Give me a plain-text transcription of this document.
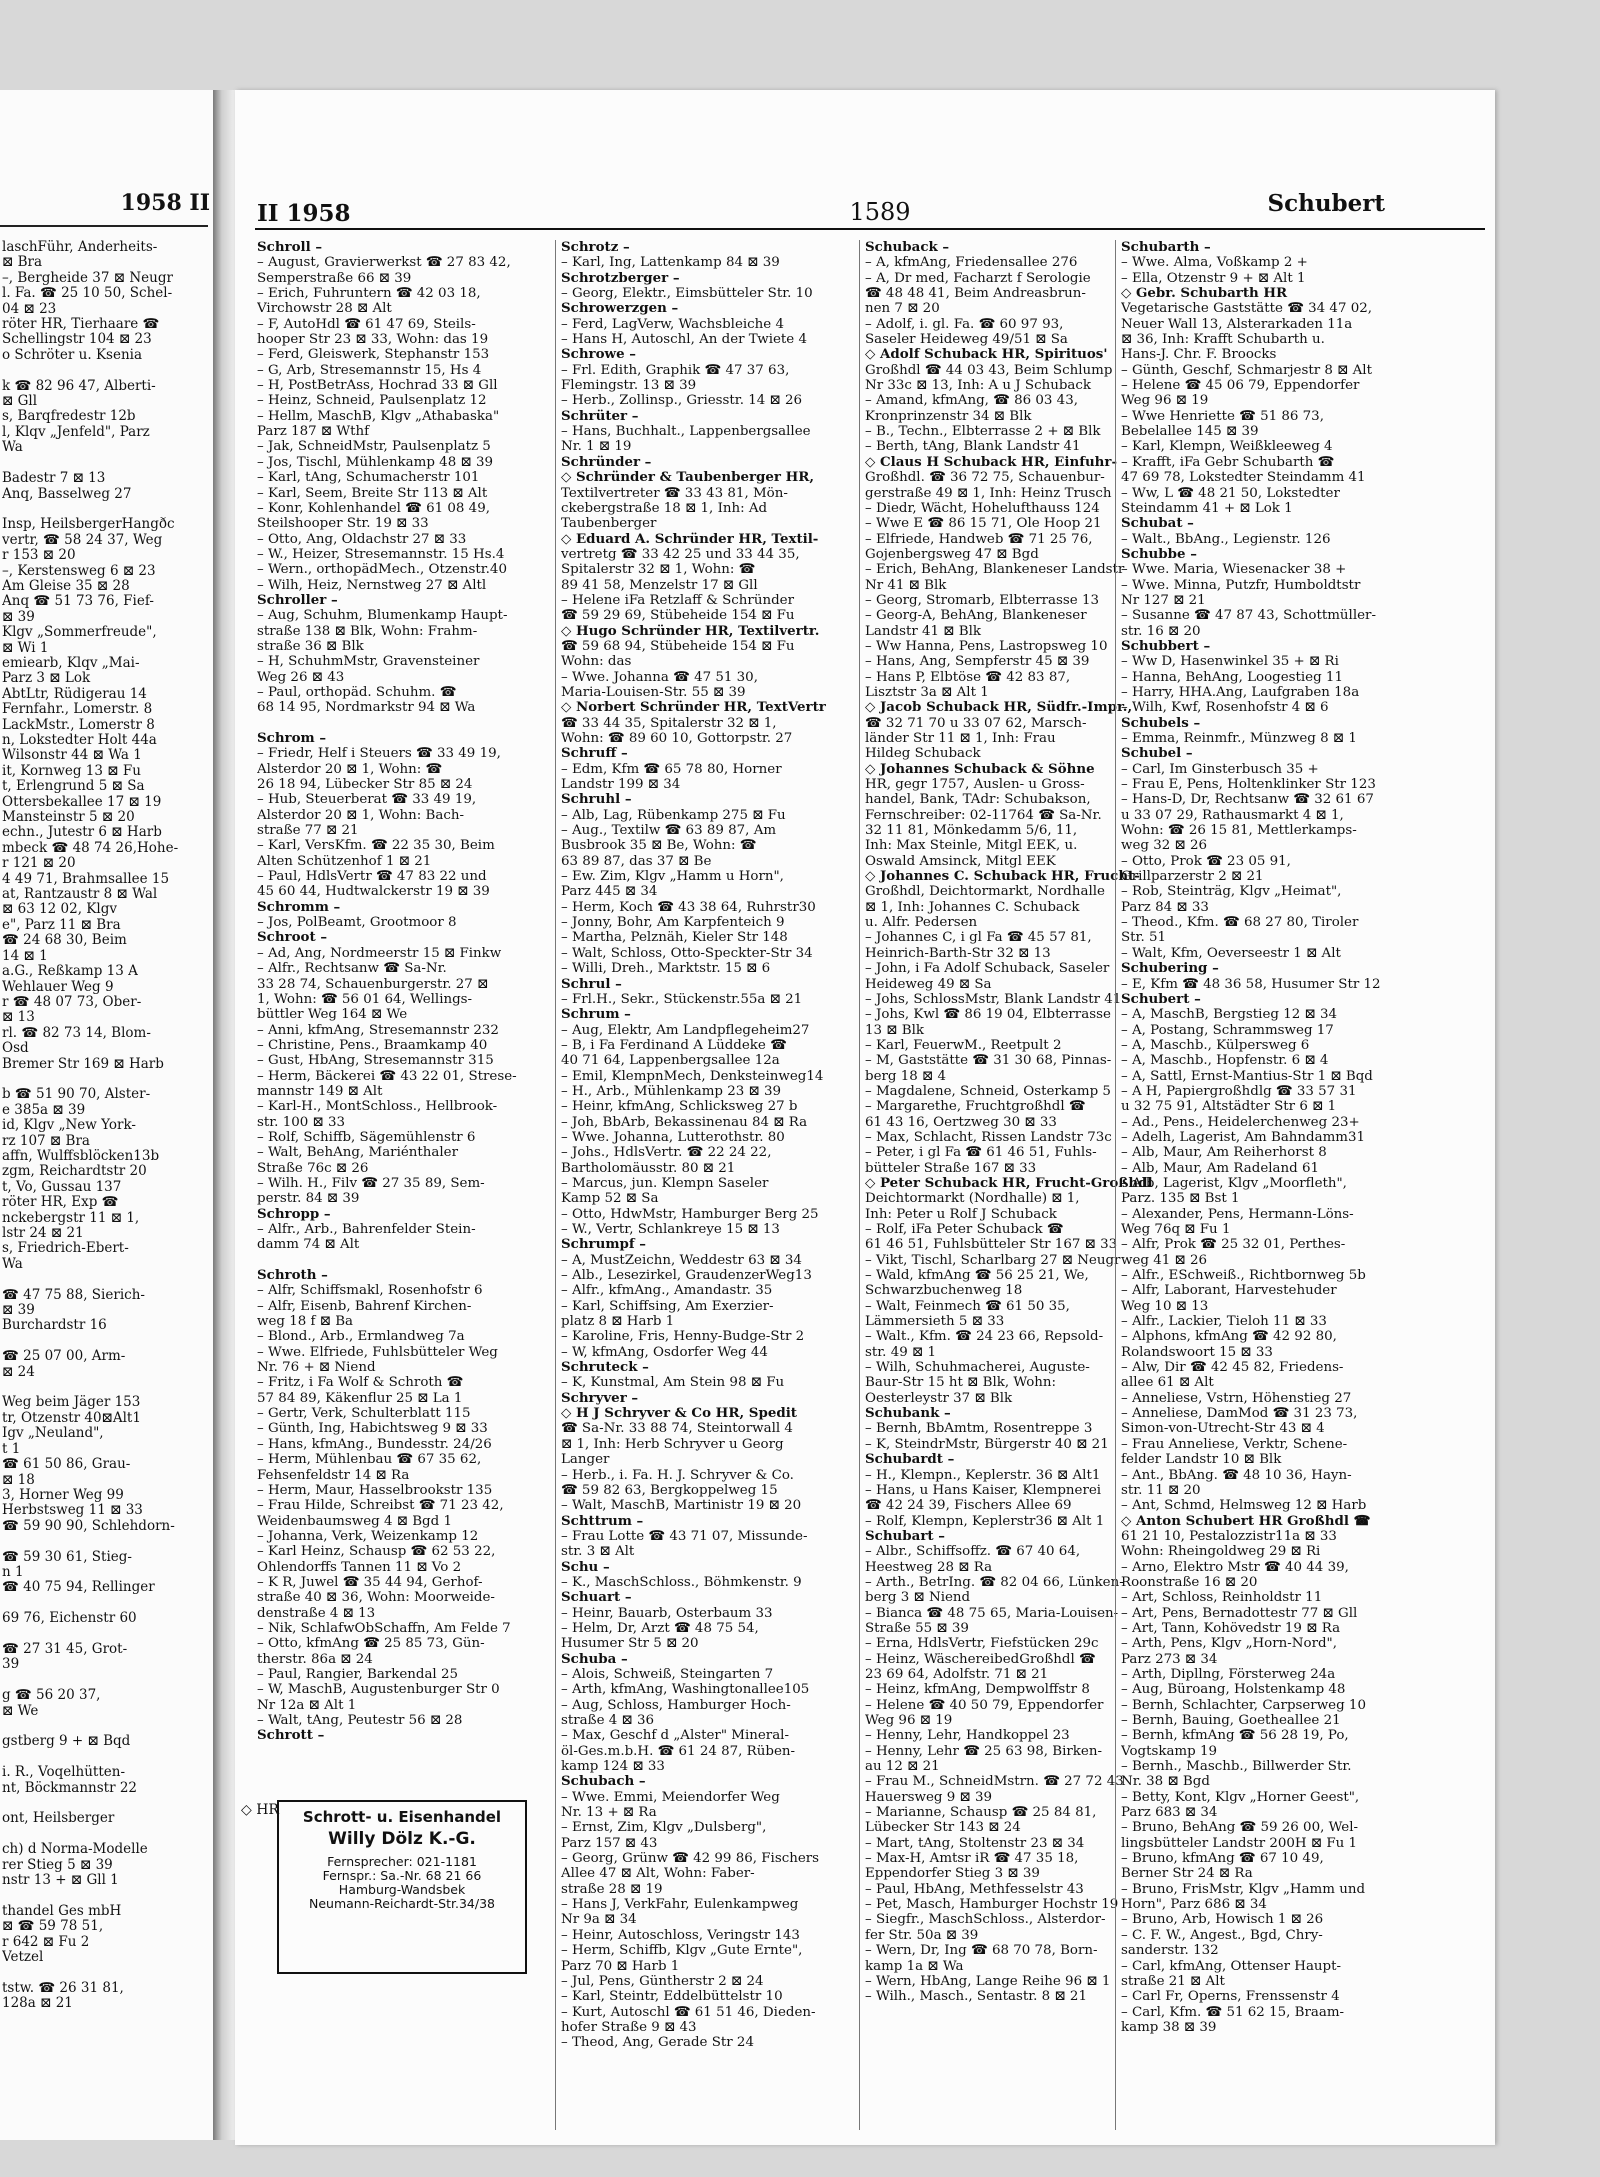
1958 II
laschFühr, Anderheits-
⊠ Bra
–, Bergheide 37 ⊠ Neugr
l. Fa. ☎ 25 10 50, Schel-
04 ⊠ 23
röter HR, Tierhaare ☎
Schellingstr 104 ⊠ 23
o Schröter u. Ksenia

k ☎ 82 96 47, Alberti-
⊠ Gll
s, Barqfredestr 12b
l, Klqv „Jenfeld", Parz
Wa

Badestr 7 ⊠ 13
Anq, Basselweg 27

Insp, HeilsbergerHangðc
vertr, ☎ 58 24 37, Weg
r 153 ⊠ 20
–, Kerstensweg 6 ⊠ 23
Am Gleise 35 ⊠ 28
Anq ☎ 51 73 76, Fief-
⊠ 39
Klgv „Sommerfreude",
⊠ Wi 1
emiearb, Klqv „Mai-
Parz 3 ⊠ Lok
AbtLtr, Rüdigerau 14
Fernfahr., Lomerstr. 8
LackMstr., Lomerstr 8
n, Lokstedter Holt 44a
Wilsonstr 44 ⊠ Wa 1
it, Kornweg 13 ⊠ Fu
t, Erlengrund 5 ⊠ Sa
Ottersbekallee 17 ⊠ 19
Mansteinstr 5 ⊠ 20
echn., Jutestr 6 ⊠ Harb
mbeck ☎ 48 74 26,Hohe-
r 121 ⊠ 20
4 49 71, Brahmsallee 15
at, Rantzaustr 8 ⊠ Wal
⊠ 63 12 02, Klgv
e", Parz 11 ⊠ Bra
☎ 24 68 30, Beim
14 ⊠ 1
a.G., Reßkamp 13 A
Wehlauer Weg 9
r ☎ 48 07 73, Ober-
⊠ 13
rl. ☎ 82 73 14, Blom-
Osd
Bremer Str 169 ⊠ Harb

b ☎ 51 90 70, Alster-
e 385a ⊠ 39
id, Klgv „New York-
rz 107 ⊠ Bra
affn, Wulffsblöcken13b
zgm, Reichardtstr 20
t, Vo, Gussau 137
röter HR, Exp ☎
nckebergstr 11 ⊠ 1,
lstr 24 ⊠ 21
s, Friedrich-Ebert-
Wa

☎ 47 75 88, Sierich-
⊠ 39
Burchardstr 16

☎ 25 07 00, Arm-
⊠ 24

Weg beim Jäger 153
tr, Otzenstr 40⊠Alt1
Igv „Neuland",
t 1
☎ 61 50 86, Grau-
⊠ 18
3, Horner Weg 99
Herbstsweg 11 ⊠ 33
☎ 59 90 90, Schlehdorn-

☎ 59 30 61, Stieg-
n 1
☎ 40 75 94, Rellinger

69 76, Eichenstr 60

☎ 27 31 45, Grot-
39

g ☎ 56 20 37,
⊠ We

gstberg 9 + ⊠ Bqd

i. R., Voqelhütten-
nt, Böckmannstr 22

ont, Heilsberger

ch) d Norma-Modelle
rer Stieg 5 ⊠ 39
nstr 13 + ⊠ Gll 1

thandel Ges mbH
⊠ ☎ 59 78 51,
r 642 ⊠ Fu 2
Vetzel

tstw. ☎ 26 31 81,
128a ⊠ 21
II 1958	1589	Schubert
Schroll –
– August, Gravierwerkst ☎ 27 83 42,
Semperstraße 66 ⊠ 39
– Erich, Fuhruntern ☎ 42 03 18,
Virchowstr 28 ⊠ Alt
– F, AutoHdl ☎ 61 47 69, Steils-
hooper Str 23 ⊠ 33, Wohn: das 19
– Ferd, Gleiswerk, Stephanstr 153
– G, Arb, Stresemannstr 15, Hs 4
– H, PostBetrAss, Hochrad 33 ⊠ Gll
– Heinz, Schneid, Paulsenplatz 12
– Hellm, MaschB, Klgv „Athabaska"
Parz 187 ⊠ Wthf
– Jak, SchneidMstr, Paulsenplatz 5
– Jos, Tischl, Mühlenkamp 48 ⊠ 39
– Karl, tAng, Schumacherstr 101
– Karl, Seem, Breite Str 113 ⊠ Alt
– Konr, Kohlenhandel ☎ 61 08 49,
Steilshooper Str. 19 ⊠ 33
– Otto, Ang, Oldachstr 27 ⊠ 33
– W., Heizer, Stresemannstr. 15 Hs.4
– Wern., orthopädMech., Otzenstr.40
– Wilh, Heiz, Nernstweg 27 ⊠ Altl
Schroller –
– Aug, Schuhm, Blumenkamp Haupt-
straße 138 ⊠ Blk, Wohn: Frahm-
straße 36 ⊠ Blk
– H, SchuhmMstr, Gravensteiner
Weg 26 ⊠ 43
– Paul, orthopäd. Schuhm. ☎
68 14 95, Nordmarkstr 94 ⊠ Wa

Schrom –
– Friedr, Helf i Steuers ☎ 33 49 19,
Alsterdor 20 ⊠ 1, Wohn: ☎
26 18 94, Lübecker Str 85 ⊠ 24
– Hub, Steuerberat ☎ 33 49 19,
Alsterdor 20 ⊠ 1, Wohn: Bach-
straße 77 ⊠ 21
– Karl, VersKfm. ☎ 22 35 30, Beim
Alten Schützenhof 1 ⊠ 21
– Paul, HdlsVertr ☎ 47 83 22 und
45 60 44, Hudtwalckerstr 19 ⊠ 39
Schromm –
– Jos, PolBeamt, Grootmoor 8
Schroot –
– Ad, Ang, Nordmeerstr 15 ⊠ Finkw
– Alfr., Rechtsanw ☎ Sa-Nr.
33 28 74, Schauenburgerstr. 27 ⊠
1, Wohn: ☎ 56 01 64, Wellings-
büttler Weg 164 ⊠ We
– Anni, kfmAng, Stresemannstr 232
– Christine, Pens., Braamkamp 40
– Gust, HbAng, Stresemannstr 315
– Herm, Bäckerei ☎ 43 22 01, Strese-
mannstr 149 ⊠ Alt
– Karl-H., MontSchloss., Hellbrook-
str. 100 ⊠ 33
– Rolf, Schiffb, Sägemühlenstr 6
– Walt, BehAng, Mariénthaler
Straße 76c ⊠ 26
– Wilh. H., Filv ☎ 27 35 89, Sem-
perstr. 84 ⊠ 39
Schropp –
– Alfr., Arb., Bahrenfelder Stein-
damm 74 ⊠ Alt

Schroth –
– Alfr, Schiffsmakl, Rosenhofstr 6
– Alfr, Eisenb, Bahrenf Kirchen-
weg 18 f ⊠ Ba
– Blond., Arb., Ermlandweg 7a
– Wwe. Elfriede, Fuhlsbütteler Weg
Nr. 76 + ⊠ Niend
– Fritz, i Fa Wolf & Schroth ☎
57 84 89, Käkenflur 25 ⊠ La 1
– Gertr, Verk, Schulterblatt 115
– Günth, Ing, Habichtsweg 9 ⊠ 33
– Hans, kfmAng., Bundesstr. 24/26
– Herm, Mühlenbau ☎ 67 35 62,
Fehsenfeldstr 14 ⊠ Ra
– Herm, Maur, Hasselbrookstr 135
– Frau Hilde, Schreibst ☎ 71 23 42,
Weidenbaumsweg 4 ⊠ Bgd 1
– Johanna, Verk, Weizenkamp 12
– Karl Heinz, Schausp ☎ 62 53 22,
Ohlendorffs Tannen 11 ⊠ Vo 2
– K R, Juwel ☎ 35 44 94, Gerhof-
straße 40 ⊠ 36, Wohn: Moorweide-
denstraße 4 ⊠ 13
– Nik, SchlafwObSchaffn, Am Felde 7
– Otto, kfmAng ☎ 25 85 73, Gün-
therstr. 86a ⊠ 24
– Paul, Rangier, Barkendal 25
– W, MaschB, Augustenburger Str 0
Nr 12a ⊠ Alt 1
– Walt, tAng, Peutestr 56 ⊠ 28
Schrott –
Schrotz –
– Karl, Ing, Lattenkamp 84 ⊠ 39
Schrotzberger –
– Georg, Elektr., Eimsbütteler Str. 10
Schrowerzgen –
– Ferd, LagVerw, Wachsbleiche 4
– Hans H, Autoschl, An der Twiete 4
Schrowe –
– Frl. Edith, Graphik ☎ 47 37 63,
Flemingstr. 13 ⊠ 39
– Herb., Zollinsp., Griesstr. 14 ⊠ 26
Schrüter –
– Hans, Buchhalt., Lappenbergsallee
Nr. 1 ⊠ 19
Schründer –
◇ Schründer & Taubenberger HR,
Textilvertreter ☎ 33 43 81, Mön-
ckebergstraße 18 ⊠ 1, Inh: Ad
Taubenberger
◇ Eduard A. Schründer HR, Textil-
vertretg ☎ 33 42 25 und 33 44 35,
Spitalerstr 32 ⊠ 1, Wohn: ☎
89 41 58, Menzelstr 17 ⊠ Gll
– Helene iFa Retzlaff & Schründer
☎ 59 29 69, Stübeheide 154 ⊠ Fu
◇ Hugo Schründer HR, Textilvertr.
☎ 59 68 94, Stübeheide 154 ⊠ Fu
Wohn: das
– Wwe. Johanna ☎ 47 51 30,
Maria-Louisen-Str. 55 ⊠ 39
◇ Norbert Schründer HR, TextVertr
☎ 33 44 35, Spitalerstr 32 ⊠ 1,
Wohn: ☎ 89 60 10, Gottorpstr. 27
Schruff –
– Edm, Kfm ☎ 65 78 80, Horner
Landstr 199 ⊠ 34
Schruhl –
– Alb, Lag, Rübenkamp 275 ⊠ Fu
– Aug., Textilw ☎ 63 89 87, Am
Busbrook 35 ⊠ Be, Wohn: ☎
63 89 87, das 37 ⊠ Be
– Ew. Zim, Klgv „Hamm u Horn",
Parz 445 ⊠ 34
– Herm, Koch ☎ 43 38 64, Ruhrstr30
– Jonny, Bohr, Am Karpfenteich 9
– Martha, Pelznäh, Kieler Str 148
– Walt, Schloss, Otto-Speckter-Str 34
– Willi, Dreh., Marktstr. 15 ⊠ 6
Schrul –
– Frl.H., Sekr., Stückenstr.55a ⊠ 21
Schrum –
– Aug, Elektr, Am Landpflegeheim27
– B, i Fa Ferdinand A Lüddeke ☎
40 71 64, Lappenbergsallee 12a
– Emil, KlempnMech, Denksteinweg14
– H., Arb., Mühlenkamp 23 ⊠ 39
– Heinr, kfmAng, Schlicksweg 27 b
– Joh, BbArb, Bekassinenau 84 ⊠ Ra
– Wwe. Johanna, Lutterothstr. 80
– Johs., HdlsVertr. ☎ 22 24 22,
Bartholomäusstr. 80 ⊠ 21
– Marcus, jun. Klempn Saseler
Kamp 52 ⊠ Sa
– Otto, HdwMstr, Hamburger Berg 25
– W., Vertr, Schlankreye 15 ⊠ 13
Schrumpf –
– A, MustZeichn, Weddestr 63 ⊠ 34
– Alb., Lesezirkel, GraudenzerWeg13
– Alfr., kfmAng., Amandastr. 35
– Karl, Schiffsing, Am Exerzier-
platz 8 ⊠ Harb 1
– Karoline, Fris, Henny-Budge-Str 2
– W, kfmAng, Osdorfer Weg 44
Schruteck –
– K, Kunstmal, Am Stein 98 ⊠ Fu
Schryver –
◇ H J Schryver & Co HR, Spedit
☎ Sa-Nr. 33 88 74, Steintorwall 4
⊠ 1, Inh: Herb Schryver u Georg
Langer
– Herb., i. Fa. H. J. Schryver & Co.
☎ 59 82 63, Bergkoppelweg 15
– Walt, MaschB, Martinistr 19 ⊠ 20
Schttrum –
– Frau Lotte ☎ 43 71 07, Missunde-
str. 3 ⊠ Alt
Schu –
– K., MaschSchloss., Böhmkenstr. 9
Schuart –
– Heinr, Bauarb, Osterbaum 33
– Helm, Dr, Arzt ☎ 48 75 54,
Husumer Str 5 ⊠ 20
Schuba –
– Alois, Schweiß, Steingarten 7
– Arth, kfmAng, Washingtonallee105
– Aug, Schloss, Hamburger Hoch-
straße 4 ⊠ 36
– Max, Geschf d „Alster" Mineral-
öl-Ges.m.b.H. ☎ 61 24 87, Rüben-
kamp 124 ⊠ 33
Schubach –
– Wwe. Emmi, Meiendorfer Weg
Nr. 13 + ⊠ Ra
– Ernst, Zim, Klgv „Dulsberg",
Parz 157 ⊠ 43
– Georg, Grünw ☎ 42 99 86, Fischers
Allee 47 ⊠ Alt, Wohn: Faber-
straße 28 ⊠ 19
– Hans J, VerkFahr, Eulenkampweg
Nr 9a ⊠ 34
– Heinr, Autoschloss, Veringstr 143
– Herm, Schiffb, Klgv „Gute Ernte",
Parz 70 ⊠ Harb 1
– Jul, Pens, Güntherstr 2 ⊠ 24
– Karl, Steintr, Eddelbüttelstr 10
– Kurt, Autoschl ☎ 61 51 46, Dieden-
hofer Straße 9 ⊠ 43
– Theod, Ang, Gerade Str 24
Schuback –
– A, kfmAng, Friedensallee 276
– A, Dr med, Facharzt f Serologie
☎ 48 48 41, Beim Andreasbrun-
nen 7 ⊠ 20
– Adolf, i. gl. Fa. ☎ 60 97 93,
Saseler Heideweg 49/51 ⊠ Sa
◇ Adolf Schuback HR, Spirituos'
Großhdl ☎ 44 03 43, Beim Schlump
Nr 33c ⊠ 13, Inh: A u J Schuback
– Amand, kfmAng, ☎ 86 03 43,
Kronprinzenstr 34 ⊠ Blk
– B., Techn., Elbterrasse 2 + ⊠ Blk
– Berth, tAng, Blank Landstr 41
◇ Claus H Schuback HR, Einfuhr-
Großhdl. ☎ 36 72 75, Schauenbur-
gerstraße 49 ⊠ 1, Inh: Heinz Trusch
– Diedr, Wächt, Hohelufthauss 124
– Wwe E ☎ 86 15 71, Ole Hoop 21
– Elfriede, Handweb ☎ 71 25 76,
Gojenbergsweg 47 ⊠ Bgd
– Erich, BehAng, Blankeneser Landstr
Nr 41 ⊠ Blk
– Georg, Stromarb, Elbterrasse 13
– Georg-A, BehAng, Blankeneser
Landstr 41 ⊠ Blk
– Ww Hanna, Pens, Lastropsweg 10
– Hans, Ang, Sempferstr 45 ⊠ 39
– Hans P, Elbtöse ☎ 42 83 87,
Lisztstr 3a ⊠ Alt 1
◇ Jacob Schuback HR, Südfr.-Impr.,
☎ 32 71 70 u 33 07 62, Marsch-
länder Str 11 ⊠ 1, Inh: Frau
Hildeg Schuback
◇ Johannes Schuback & Söhne
HR, gegr 1757, Auslen- u Gross-
handel, Bank, TAdr: Schubakson,
Fernschreiber: 02-11764 ☎ Sa-Nr.
32 11 81, Mönkedamm 5/6, 11,
Inh: Max Steinle, Mitgl EEK, u.
Oswald Amsinck, Mitgl EEK
◇ Johannes C. Schuback HR, Frucht-
Großhdl, Deichtormarkt, Nordhalle
⊠ 1, Inh: Johannes C. Schuback
u. Alfr. Pedersen
– Johannes C, i gl Fa ☎ 45 57 81,
Heinrich-Barth-Str 32 ⊠ 13
– John, i Fa Adolf Schuback, Saseler
Heideweg 49 ⊠ Sa
– Johs, SchlossMstr, Blank Landstr 41
– Johs, Kwl ☎ 86 19 04, Elbterrasse
13 ⊠ Blk
– Karl, FeuerwM., Reetpult 2
– M, Gaststätte ☎ 31 30 68, Pinnas-
berg 18 ⊠ 4
– Magdalene, Schneid, Osterkamp 5
– Margarethe, Fruchtgroßhdl ☎
61 43 16, Oertzweg 30 ⊠ 33
– Max, Schlacht, Rissen Landstr 73c
– Peter, i gl Fa ☎ 61 46 51, Fuhls-
bütteler Straße 167 ⊠ 33
◇ Peter Schuback HR, Frucht-Großhdl
Deichtormarkt (Nordhalle) ⊠ 1,
Inh: Peter u Rolf J Schuback
– Rolf, iFa Peter Schuback ☎
61 46 51, Fuhlsbütteler Str 167 ⊠ 33
– Vikt, Tischl, Scharlbarg 27 ⊠ Neugr
– Wald, kfmAng ☎ 56 25 21, We,
Schwarzbuchenweg 18
– Walt, Feinmech ☎ 61 50 35,
Lämmersieth 5 ⊠ 33
– Walt., Kfm. ☎ 24 23 66, Repsold-
str. 49 ⊠ 1
– Wilh, Schuhmacherei, Auguste-
Baur-Str 15 ht ⊠ Blk, Wohn:
Oesterleystr 37 ⊠ Blk
Schubank –
– Bernh, BbAmtm, Rosentreppe 3
– K, SteindrMstr, Bürgerstr 40 ⊠ 21
Schubardt –
– H., Klempn., Keplerstr. 36 ⊠ Alt1
– Hans, u Hans Kaiser, Klempnerei
☎ 42 24 39, Fischers Allee 69
– Rolf, Klempn, Keplerstr36 ⊠ Alt 1
Schubart –
– Albr., Schiffsoffz. ☎ 67 40 64,
Heestweg 28 ⊠ Ra
– Arth., BetrIng. ☎ 82 04 66, Lünken-
berg 3 ⊠ Niend
– Bianca ☎ 48 75 65, Maria-Louisen-
Straße 55 ⊠ 39
– Erna, HdlsVertr, Fiefstücken 29c
– Heinz, WäschereibedGroßhdl ☎
23 69 64, Adolfstr. 71 ⊠ 21
– Heinz, kfmAng, Dempwolffstr 8
– Helene ☎ 40 50 79, Eppendorfer
Weg 96 ⊠ 19
– Henny, Lehr, Handkoppel 23
– Henny, Lehr ☎ 25 63 98, Birken-
au 12 ⊠ 21
– Frau M., SchneidMstrn. ☎ 27 72 43
Hauersweg 9 ⊠ 39
– Marianne, Schausp ☎ 25 84 81,
Lübecker Str 143 ⊠ 24
– Mart, tAng, Stoltenstr 23 ⊠ 34
– Max-H, Amtsr iR ☎ 47 35 18,
Eppendorfer Stieg 3 ⊠ 39
– Paul, HbAng, Methfesselstr 43
– Pet, Masch, Hamburger Hochstr 19
– Siegfr., MaschSchloss., Alsterdor-
fer Str. 50a ⊠ 39
– Wern, Dr, Ing ☎ 68 70 78, Born-
kamp 1a ⊠ Wa
– Wern, HbAng, Lange Reihe 96 ⊠ 1
– Wilh., Masch., Sentastr. 8 ⊠ 21
Schubarth –
– Wwe. Alma, Voßkamp 2 +
– Ella, Otzenstr 9 + ⊠ Alt 1
◇ Gebr. Schubarth HR
Vegetarische Gaststätte ☎ 34 47 02,
Neuer Wall 13, Alsterarkaden 11a
⊠ 36, Inh: Krafft Schubarth u.
Hans-J. Chr. F. Broocks
– Günth, Geschf, Schmarjestr 8 ⊠ Alt
– Helene ☎ 45 06 79, Eppendorfer
Weg 96 ⊠ 19
– Wwe Henriette ☎ 51 86 73,
Bebelallee 145 ⊠ 39
– Karl, Klempn, Weißkleeweg 4
– Krafft, iFa Gebr Schubarth ☎
47 69 78, Lokstedter Steindamm 41
– Ww, L ☎ 48 21 50, Lokstedter
Steindamm 41 + ⊠ Lok 1
Schubat –
– Walt., BbAng., Legienstr. 126
Schubbe –
– Wwe. Maria, Wiesenacker 38 +
– Wwe. Minna, Putzfr, Humboldtstr
Nr 127 ⊠ 21
– Susanne ☎ 47 87 43, Schottmüller-
str. 16 ⊠ 20
Schubbert –
– Ww D, Hasenwinkel 35 + ⊠ Ri
– Hanna, BehAng, Loogestieg 11
– Harry, HHA.Ang, Laufgraben 18a
– Wilh, Kwf, Rosenhofstr 4 ⊠ 6
Schubels –
– Emma, Reinmfr., Münzweg 8 ⊠ 1
Schubel –
– Carl, Im Ginsterbusch 35 +
– Frau E, Pens, Holtenklinker Str 123
– Hans-D, Dr, Rechtsanw ☎ 32 61 67
u 33 07 29, Rathausmarkt 4 ⊠ 1,
Wohn: ☎ 26 15 81, Mettlerkamps-
weg 32 ⊠ 26
– Otto, Prok ☎ 23 05 91,
Grillparzerstr 2 ⊠ 21
– Rob, Steinträg, Klgv „Heimat",
Parz 84 ⊠ 33
– Theod., Kfm. ☎ 68 27 80, Tiroler
Str. 51
– Walt, Kfm, Oeverseestr 1 ⊠ Alt
Schubering –
– E, Kfm ☎ 48 36 58, Husumer Str 12
Schubert –
– A, MaschB, Bergstieg 12 ⊠ 34
– A, Postang, Schrammsweg 17
– A, Maschb., Külpersweg 6
– A, Maschb., Hopfenstr. 6 ⊠ 4
– A, Sattl, Ernst-Mantius-Str 1 ⊠ Bqd
– A H, Papiergroßhdlg ☎ 33 57 31
u 32 75 91, Altstädter Str 6 ⊠ 1
– Ad., Pens., Heidelerchenweg 23+
– Adelh, Lagerist, Am Bahndamm31
– Alb, Maur, Am Reiherhorst 8
– Alb, Maur, Am Radeland 61
– Alb, Lagerist, Klgv „Moorfleth",
Parz. 135 ⊠ Bst 1
– Alexander, Pens, Hermann-Löns-
Weg 76q ⊠ Fu 1
– Alfr, Prok ☎ 25 32 01, Perthes-
weg 41 ⊠ 26
– Alfr., ESchweiß., Richtbornweg 5b
– Alfr, Laborant, Harvestehuder
Weg 10 ⊠ 13
– Alfr., Lackier, Tieloh 11 ⊠ 33
– Alphons, kfmAng ☎ 42 92 80,
Rolandswoort 15 ⊠ 33
– Alw, Dir ☎ 42 45 82, Friedens-
allee 61 ⊠ Alt
– Anneliese, Vstrn, Höhenstieg 27
– Anneliese, DamMod ☎ 31 23 73,
Simon-von-Utrecht-Str 43 ⊠ 4
– Frau Anneliese, Verktr, Schene-
felder Landstr 10 ⊠ Blk
– Ant., BbAng. ☎ 48 10 36, Hayn-
str. 11 ⊠ 20
– Ant, Schmd, Helmsweg 12 ⊠ Harb
◇ Anton Schubert HR Großhdl ☎
61 21 10, Pestalozzistr11a ⊠ 33
Wohn: Rheingoldweg 29 ⊠ Ri
– Arno, Elektro Mstr ☎ 40 44 39,
Roonstraße 16 ⊠ 20
– Art, Schloss, Reinholdstr 11
– Art, Pens, Bernadottestr 77 ⊠ Gll
– Art, Tann, Kohövedstr 19 ⊠ Ra
– Arth, Pens, Klgv „Horn-Nord",
Parz 273 ⊠ 34
– Arth, Dipllng, Försterweg 24a
– Aug, Büroang, Holstenkamp 48
– Bernh, Schlachter, Carpserweg 10
– Bernh, Bauing, Goetheallee 21
– Bernh, kfmAng ☎ 56 28 19, Po,
Vogtskamp 19
– Bernh., Maschb., Billwerder Str.
Nr. 38 ⊠ Bgd
– Betty, Kont, Klgv „Horner Geest",
Parz 683 ⊠ 34
– Bruno, BehAng ☎ 59 26 00, Wel-
lingsbütteler Landstr 200H ⊠ Fu 1
– Bruno, kfmAng ☎ 67 10 49,
Berner Str 24 ⊠ Ra
– Bruno, FrisMstr, Klgv „Hamm und
Horn", Parz 686 ⊠ 34
– Bruno, Arb, Howisch 1 ⊠ 26
– C. F. W., Angest., Bgd, Chry-
sanderstr. 132
– Carl, kfmAng, Ottenser Haupt-
straße 21 ⊠ Alt
– Carl Fr, Operns, Frenssenstr 4
– Carl, Kfm. ☎ 51 62 15, Braam-
kamp 38 ⊠ 39
◇ HR	Schrott- u. Eisenhandel
Willy Dölz K.-G.
Fernsprecher: 021-1181
Fernspr.: Sa.-Nr. 68 21 66
Hamburg-Wandsbek
Neumann-Reichardt-Str.34/38
